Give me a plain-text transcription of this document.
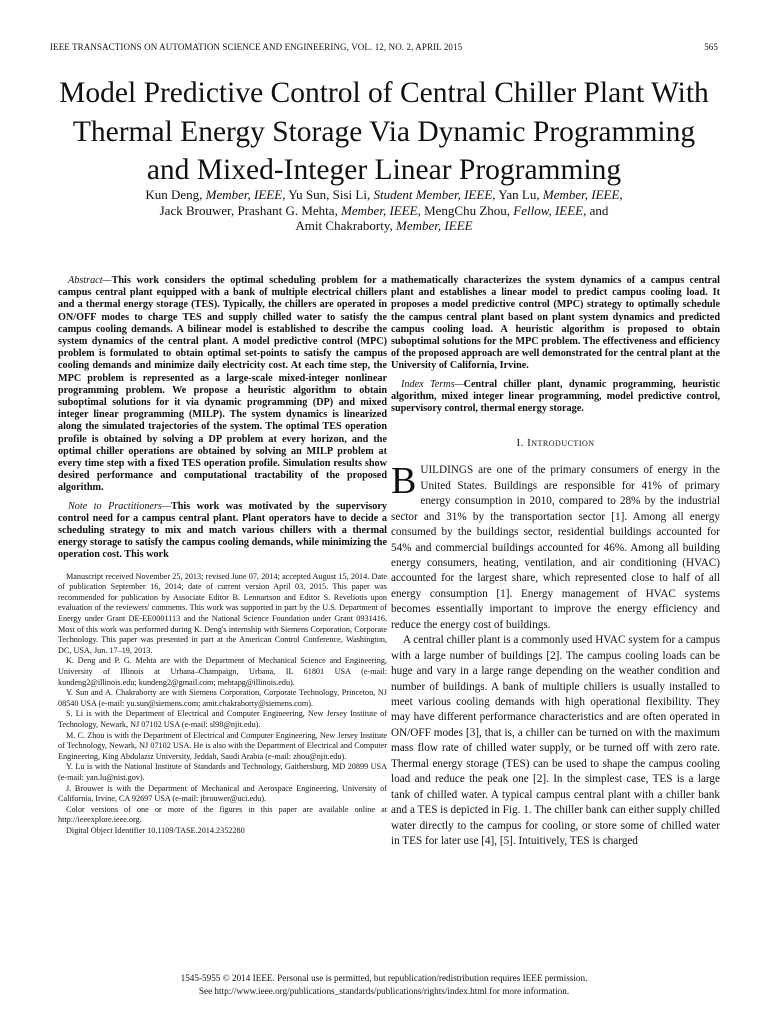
IEEE TRANSACTIONS ON AUTOMATION SCIENCE AND ENGINEERING, VOL. 12, NO. 2, APRIL 2015	565
Model Predictive Control of Central Chiller Plant With
Thermal Energy Storage Via Dynamic Programming
and Mixed-Integer Linear Programming
Kun Deng, Member, IEEE, Yu Sun, Sisi Li, Student Member, IEEE, Yan Lu, Member, IEEE,
Jack Brouwer, Prashant G. Mehta, Member, IEEE, MengChu Zhou, Fellow, IEEE, and
Amit Chakraborty, Member, IEEE

Abstract—This work considers the optimal scheduling problem for a campus central plant equipped with a bank of multiple electrical chillers and a thermal energy storage (TES). Typically, the chillers are operated in ON/OFF modes to charge TES and supply chilled water to satisfy the campus cooling demands. A bilinear model is established to describe the system dynamics of the central plant. A model predictive control (MPC) problem is formulated to obtain optimal set-points to satisfy the campus cooling demands and minimize daily electricity cost. At each time step, the MPC problem is represented as a large-scale mixed-integer nonlinear programming problem. We propose a heuristic algorithm to obtain suboptimal solutions for it via dynamic programming (DP) and mixed integer linear programming (MILP). The system dynamics is linearized along the simulated trajectories of the system. The optimal TES operation profile is obtained by solving a DP problem at every horizon, and the optimal chiller operations are obtained by solving an MILP problem at every time step with a fixed TES operation profile. Simulation results show desired performance and computational tractability of the proposed algorithm.

Note to Practitioners—This work was motivated by the supervisory control need for a campus central plant. Plant operators have to decide a scheduling strategy to mix and match various chillers with a thermal energy storage to satisfy the campus cooling demands, while minimizing the operation cost. This work

Manuscript received November 25, 2013; revised June 07, 2014; accepted August 15, 2014. Date of publication September 16, 2014; date of current version April 03, 2015. This paper was recommended for publication by Associate Editor B. Lennartson and Editor S. Reveliotis upon evaluation of the reviewers' comments. This work was supported in part by the U.S. Department of Energy under Grant DE-EE0001113 and the National Science Foundation under Grant 0931416. Most of this work was performed during K. Deng's internship with Siemens Corporation, Corporate Technology. This paper was presented in part at the American Control Conference, Washington, DC, USA, Jun. 17–19, 2013.

K. Deng and P. G. Mehta are with the Department of Mechanical Science and Engineering, University of Illinois at Urbana–Champaign, Urbana, IL 61801 USA (e-mail: kundeng2@illinois.edu; kundeng2@gmail.com; mehtapg@illinois.edu).

Y. Sun and A. Chakraborty are with Siemens Corporation, Corporate Technology, Princeton, NJ 08540 USA (e-mail: yu.sun@siemens.com; amit.chakraborty@siemens.com).

S. Li is with the Department of Electrical and Computer Engineering, New Jersey Institute of Technology, Newark, NJ 07102 USA (e-mail: sl98@njit.edu).

M. C. Zhou is with the Department of Electrical and Computer Engineering, New Jersey Institute of Technology, Newark, NJ 07102 USA. He is also with the Department of Electrical and Computer Engineering, King Abdulaziz University, Jeddah, Saudi Arabia (e-mail: zhou@njit.edu).

Y. Lu is with the National Institute of Standards and Technology, Gaithersburg, MD 20899 USA (e-mail: yan.lu@nist.gov).

J. Brouwer is with the Department of Mechanical and Aerospace Engineering, University of California, Irvine, CA 92697 USA (e-mail: jbrouwer@uci.edu).

Color versions of one or more of the figures in this paper are available online at http://ieeexplore.ieee.org.

Digital Object Identifier 10.1109/TASE.2014.2352280

mathematically characterizes the system dynamics of a campus central plant and establishes a linear model to predict campus cooling load. It proposes a model predictive control (MPC) strategy to optimally schedule the campus central plant based on plant system dynamics and predicted campus cooling load. A heuristic algorithm is proposed to obtain suboptimal solutions for the MPC problem. The effectiveness and efficiency of the proposed approach are well demonstrated for the central plant at the University of California, Irvine.

Index Terms—Central chiller plant, dynamic programming, heuristic algorithm, mixed integer linear programming, model predictive control, supervisory control, thermal energy storage.

I. Introduction

BUILDINGS are one of the primary consumers of energy in the United States. Buildings are responsible for 41% of primary energy consumption in 2010, compared to 28% by the industrial sector and 31% by the transportation sector [1]. Among all energy consumed by the buildings sector, residential buildings accounted for 54% and commercial buildings accounted for 46%. Among all building energy consumers, heating, ventilation, and air conditioning (HVAC) accounted for the largest share, which represented close to half of all energy consumption [1]. Energy management of HVAC systems becomes essentially important to improve the energy efficiency and reduce the energy cost of buildings.

A central chiller plant is a commonly used HVAC system for a campus with a large number of buildings [2]. The campus cooling loads can be huge and vary in a large range depending on the weather condition and number of buildings. A bank of multiple chillers is usually installed to meet various cooling demands with high operational flexibility. They may have different performance characteristics and are often operated in ON/OFF modes [3], that is, a chiller can be turned on with the maximum mass flow rate of chilled water supply, or be turned off with zero rate. Thermal energy storage (TES) can be used to shape the campus cooling load and reduce the peak one [2]. In the simplest case, TES is a large tank of chilled water. A typical campus central plant with a chiller bank and a TES is depicted in Fig. 1. The chiller bank can either supply chilled water directly to the campus for cooling, or store some of chilled water in TES for later use [4], [5]. Intuitively, TES is charged

1545-5955 © 2014 IEEE. Personal use is permitted, but republication/redistribution requires IEEE permission.
See http://www.ieee.org/publications_standards/publications/rights/index.html for more information.
